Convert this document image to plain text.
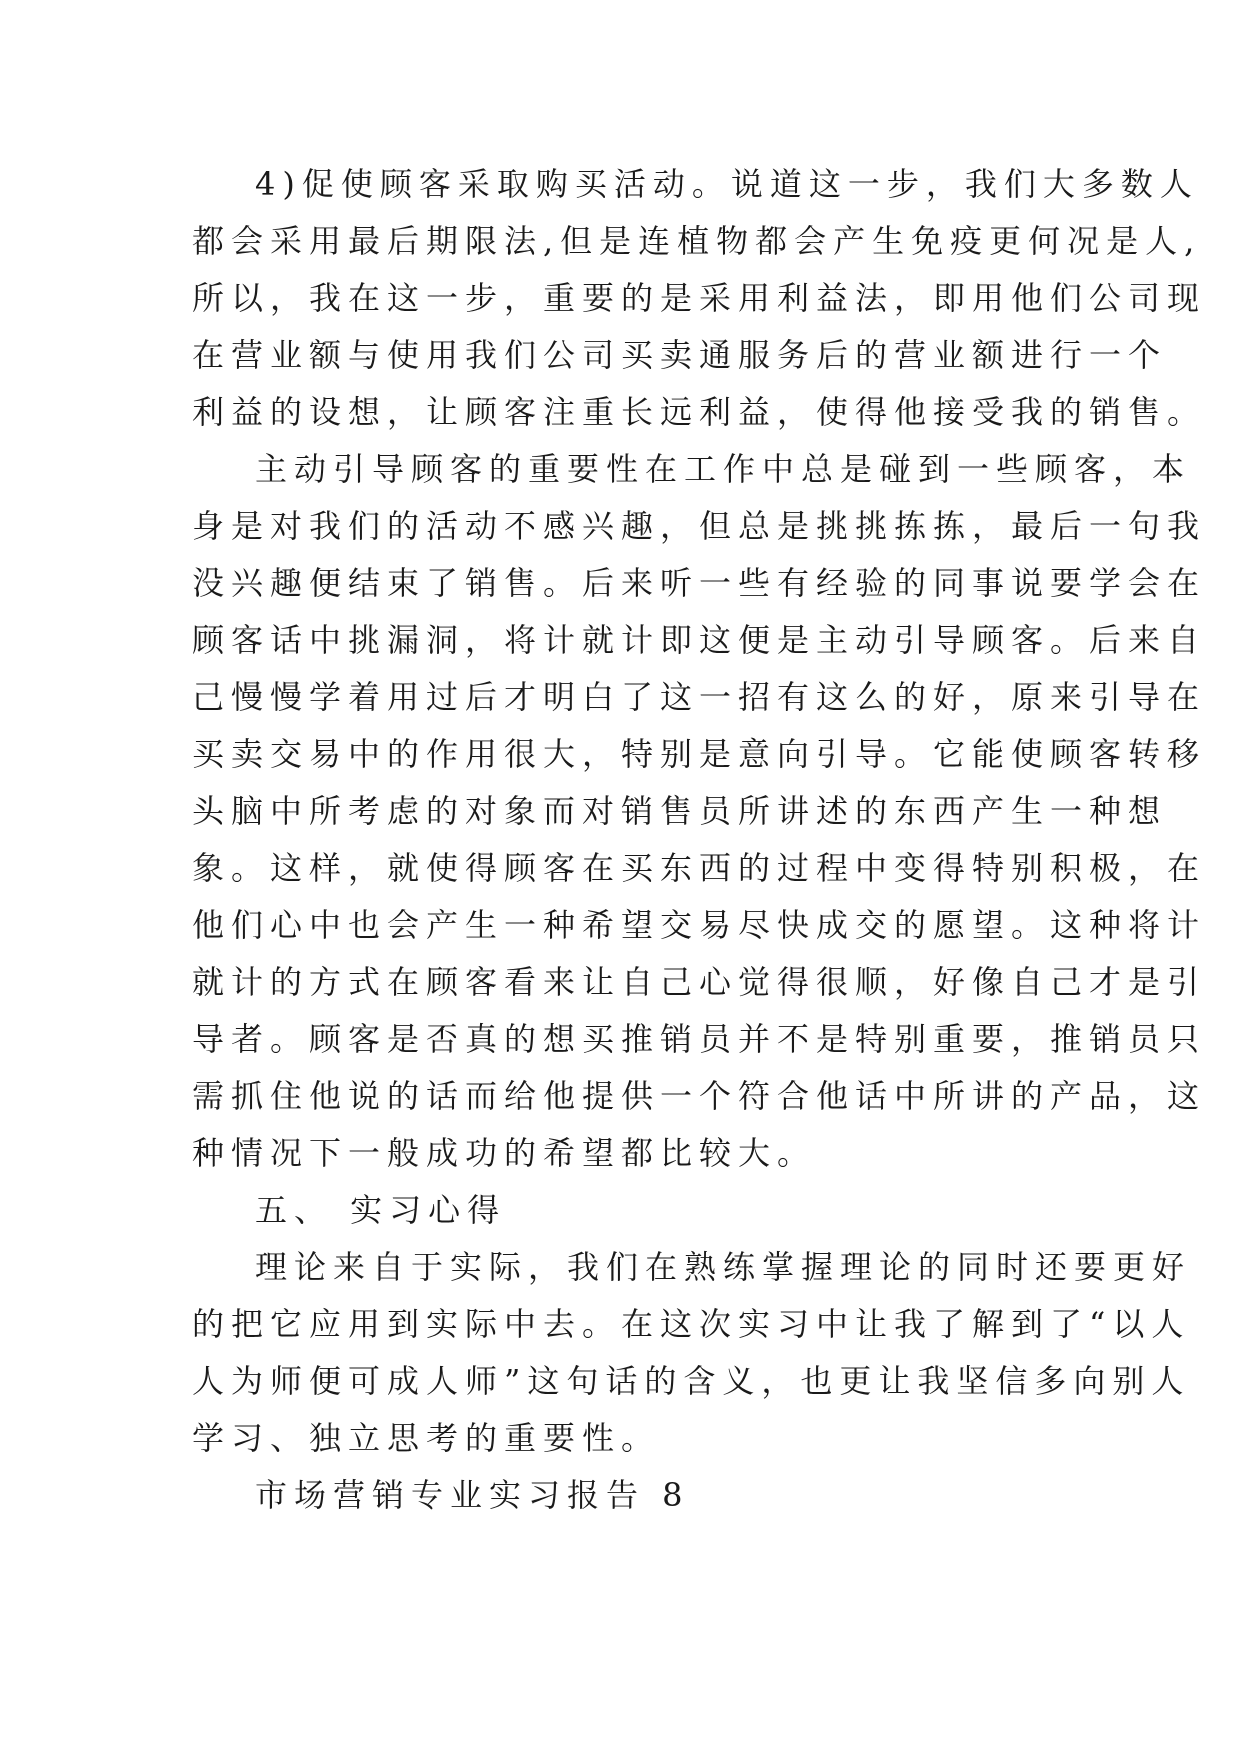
4)促使顾客采取购买活动。说道这一步，我们大多数人
都会采用最后期限法,但是连植物都会产生免疫更何况是人,
所以，我在这一步，重要的是采用利益法，即用他们公司现
在营业额与使用我们公司买卖通服务后的营业额进行一个
利益的设想，让顾客注重长远利益，使得他接受我的销售。
主动引导顾客的重要性在工作中总是碰到一些顾客，本
身是对我们的活动不感兴趣，但总是挑挑拣拣，最后一句我
没兴趣便结束了销售。后来听一些有经验的同事说要学会在
顾客话中挑漏洞，将计就计即这便是主动引导顾客。后来自
己慢慢学着用过后才明白了这一招有这么的好，原来引导在
买卖交易中的作用很大，特别是意向引导。它能使顾客转移
头脑中所考虑的对象而对销售员所讲述的东西产生一种想
象。这样，就使得顾客在买东西的过程中变得特别积极，在
他们心中也会产生一种希望交易尽快成交的愿望。这种将计
就计的方式在顾客看来让自己心觉得很顺，好像自己才是引
导者。顾客是否真的想买推销员并不是特别重要，推销员只
需抓住他说的话而给他提供一个符合他话中所讲的产品，这
种情况下一般成功的希望都比较大。
五、 实习心得
理论来自于实际，我们在熟练掌握理论的同时还要更好
的把它应用到实际中去。在这次实习中让我了解到了“以人
人为师便可成人师”这句话的含义，也更让我坚信多向别人
学习、独立思考的重要性。
市场营销专业实习报告 8
